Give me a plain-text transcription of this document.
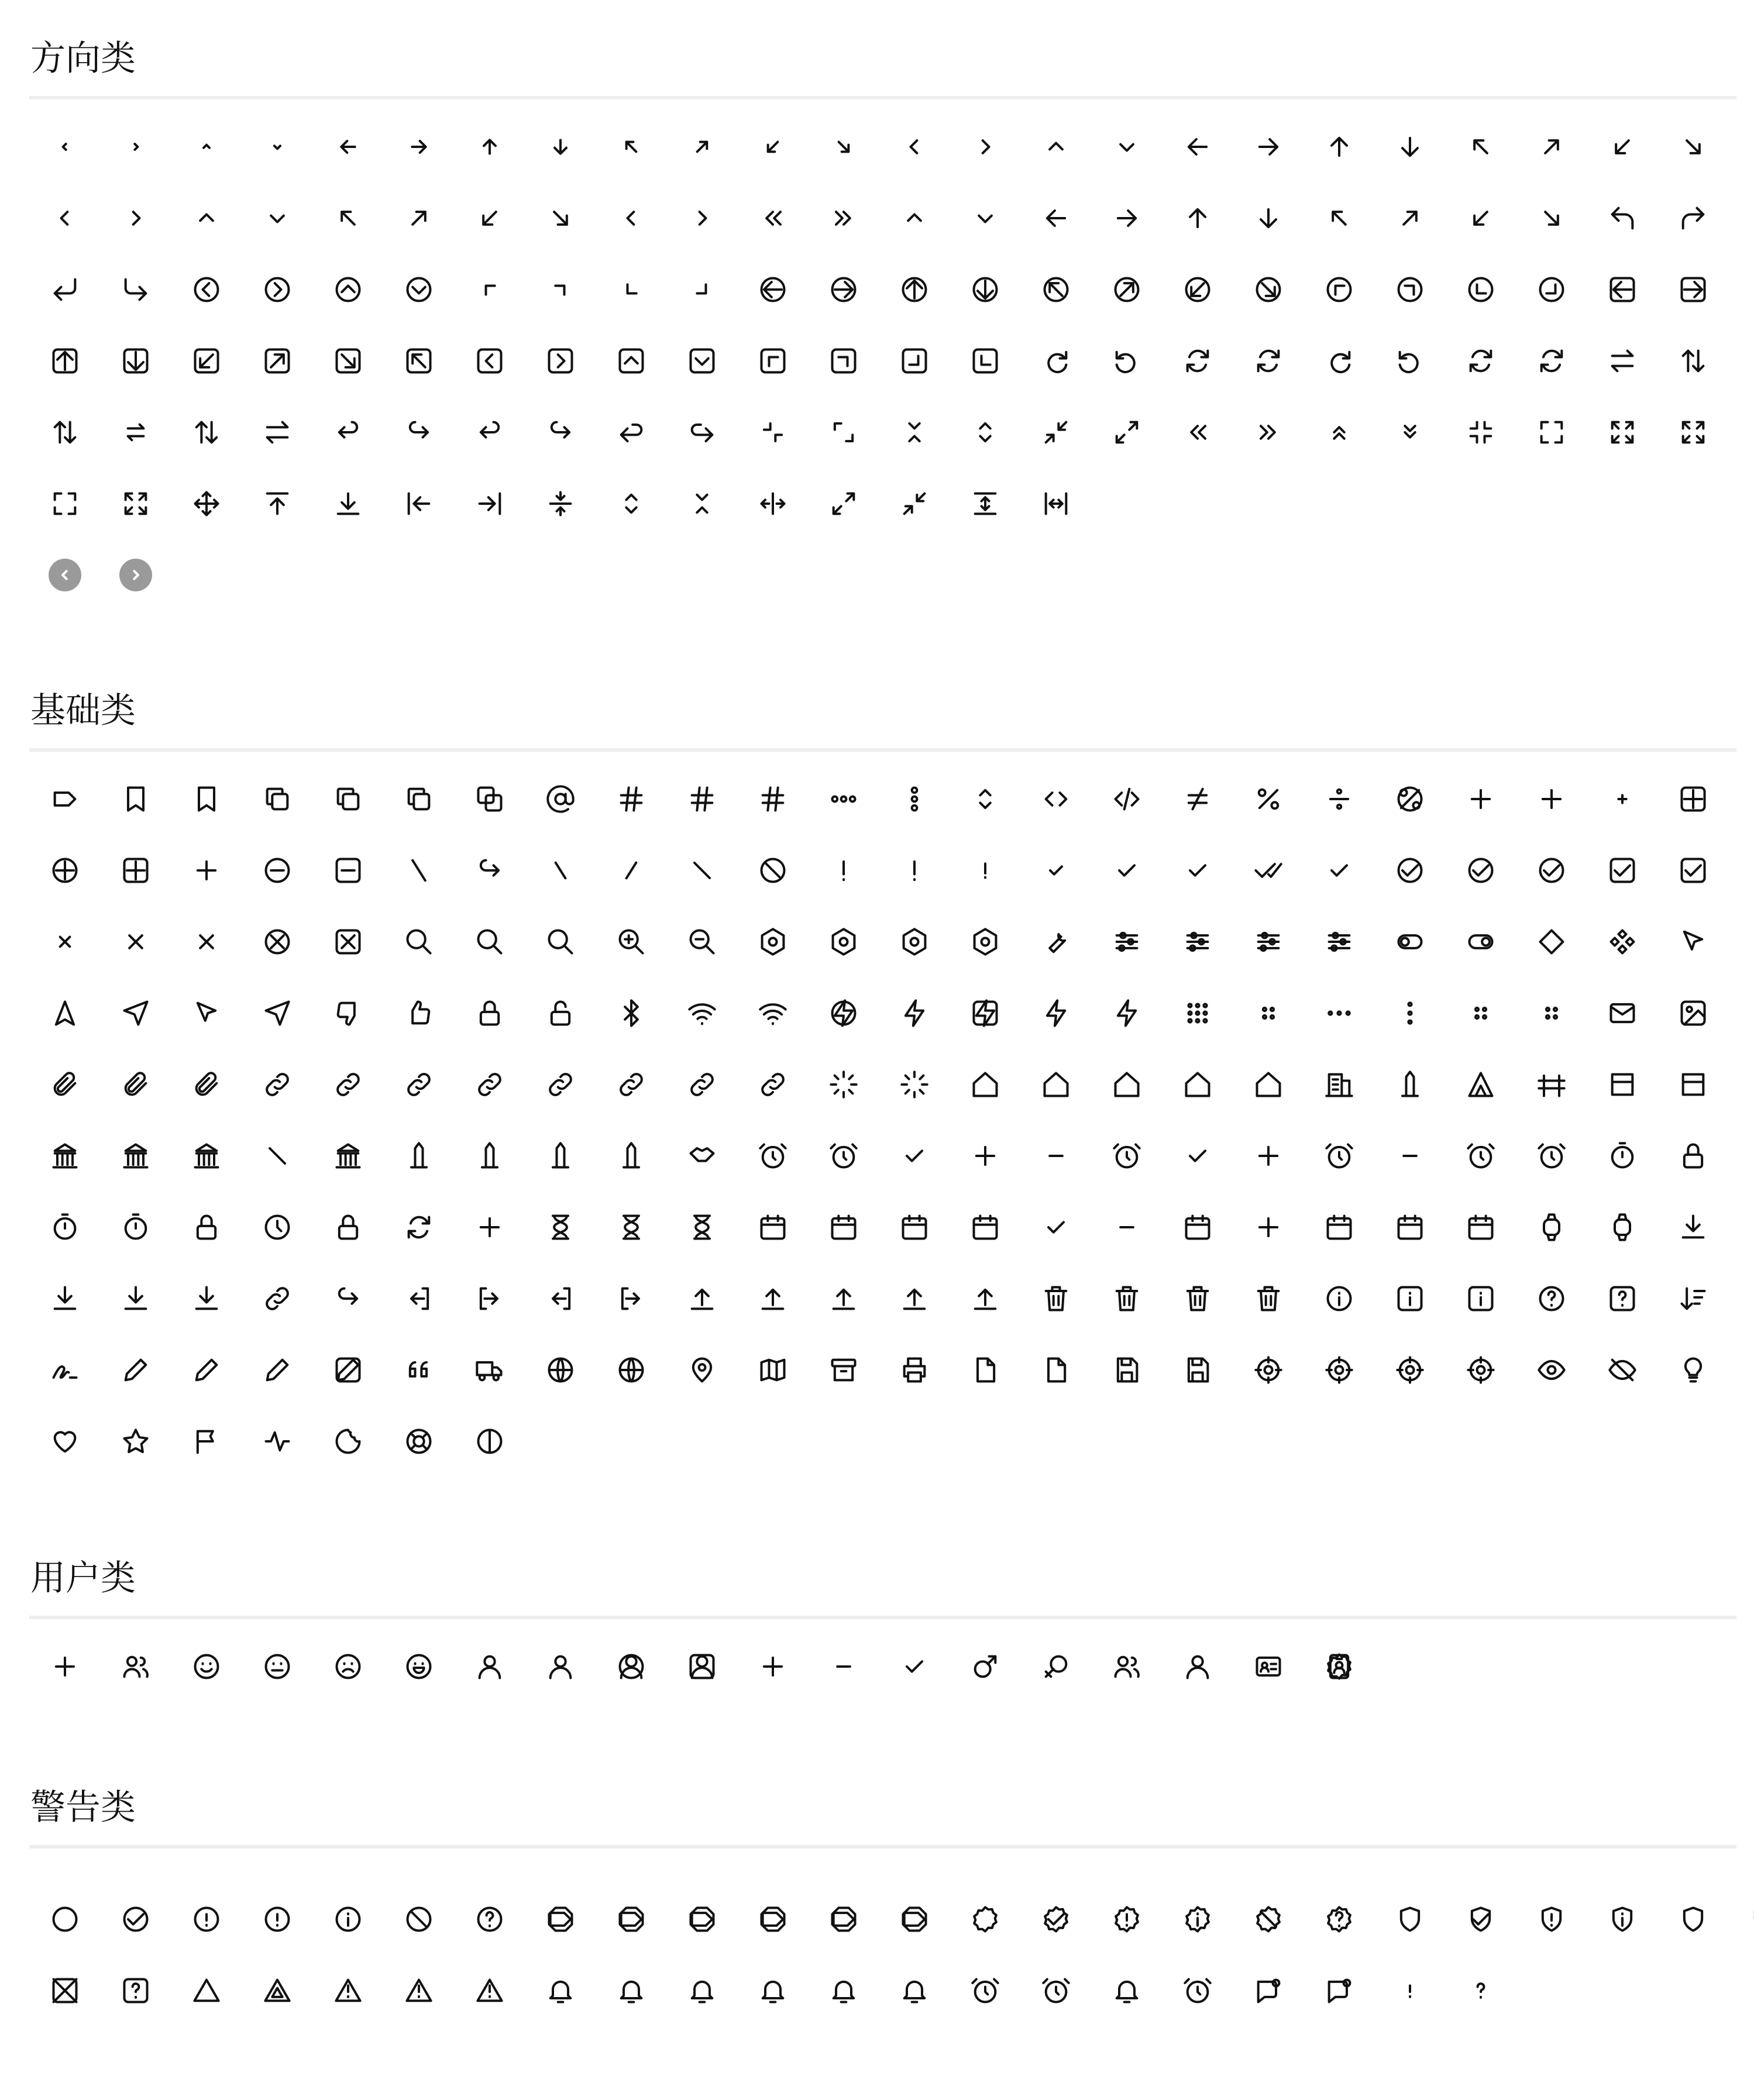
方向类
基础类
用户类
警告类
